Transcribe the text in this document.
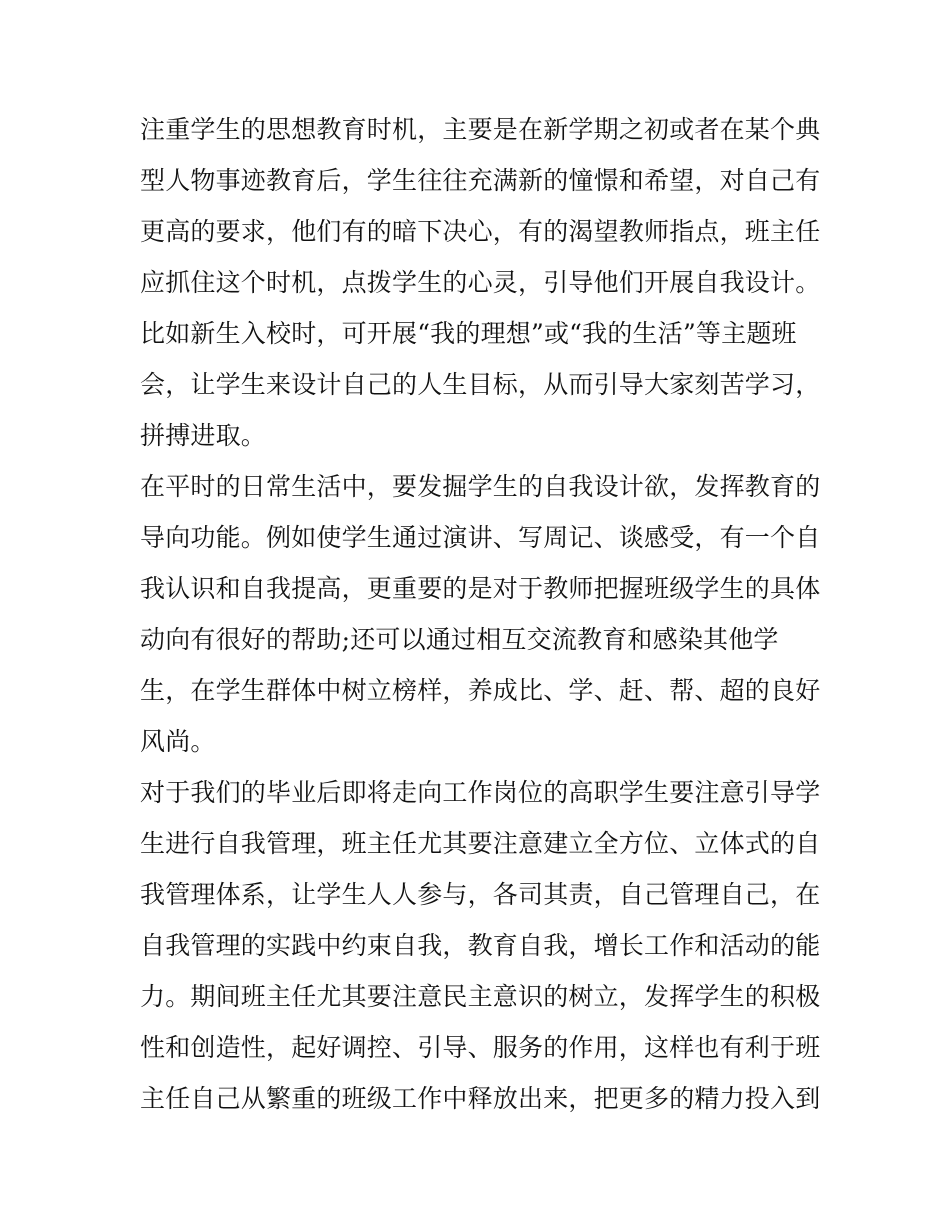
注重学生的思想教育时机，主要是在新学期之初或者在某个典
型人物事迹教育后，学生往往充满新的憧憬和希望，对自己有
更高的要求，他们有的暗下决心，有的渴望教师指点，班主任
应抓住这个时机，点拨学生的心灵，引导他们开展自我设计。
比如新生入校时，可开展“我的理想”或“我的生活”等主题班
会，让学生来设计自己的人生目标，从而引导大家刻苦学习，
拼搏进取。
在平时的日常生活中，要发掘学生的自我设计欲，发挥教育的
导向功能。例如使学生通过演讲、写周记、谈感受，有一个自
我认识和自我提高，更重要的是对于教师把握班级学生的具体
动向有很好的帮助;还可以通过相互交流教育和感染其他学
生，在学生群体中树立榜样，养成比、学、赶、帮、超的良好
风尚。
对于我们的毕业后即将走向工作岗位的高职学生要注意引导学
生进行自我管理，班主任尤其要注意建立全方位、立体式的自
我管理体系，让学生人人参与，各司其责，自己管理自己，在
自我管理的实践中约束自我，教育自我，增长工作和活动的能
力。期间班主任尤其要注意民主意识的树立，发挥学生的积极
性和创造性，起好调控、引导、服务的作用，这样也有利于班
主任自己从繁重的班级工作中释放出来，把更多的精力投入到
